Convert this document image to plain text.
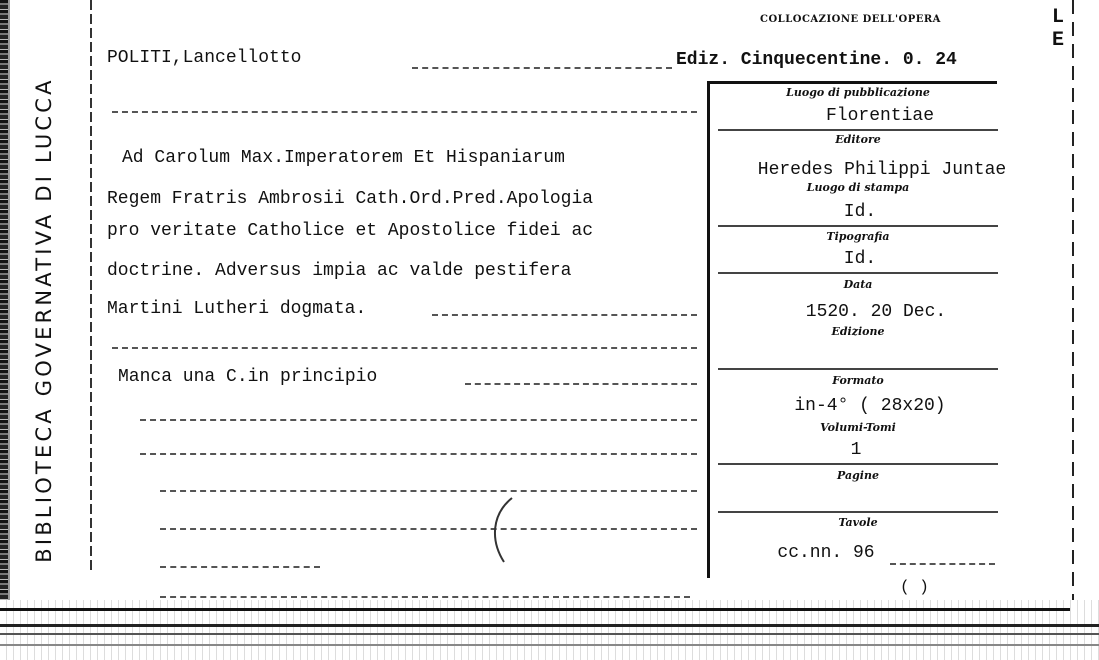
L E
BIBLIOTECA GOVERNATIVA DI LUCCA
COLLOCAZIONE DELL'OPERA
POLITI,Lancellotto	Ediz. Cinquecentine. 0. 24
Ad Carolum Max.Imperatorem Et Hispaniarum
Regem Fratris Ambrosii Cath.Ord.Pred.Apologia
pro veritate Catholice et Apostolice fidei ac
doctrine. Adversus impia ac valde pestifera
Martini Lutheri dogmata.
Manca una C.in principio
Luogo di pubblicazione
Florentiae
Editore
Heredes Philippi Juntae
Luogo di stampa
Id.
Tipografia
Id.
Data
1520. 20 Dec.
Edizione
Formato
in-4° ( 28x20)
Volumi-Tomi
1
Pagine
Tavole
cc.nn. 96
( )
